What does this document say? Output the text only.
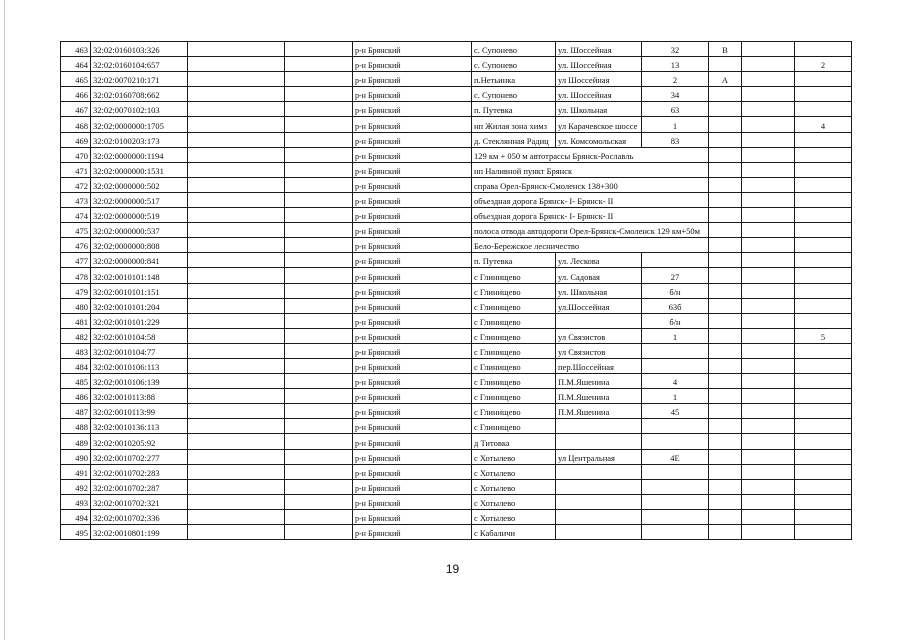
463	32:02:0160103:326			р-н Брянский	с. Супонево	ул. Шоссейная	32	В		
464	32:02:0160104:657			р-н Брянский	с. Супонево	ул. Шоссейная	13			2
465	32:02:0070210:171			р-н Брянский	п.Нетьинка	ул Шоссейная	2	А		
466	32:02:0160708:662			р-н Брянский	с. Супонево	ул. Шоссейная	34			
467	32:02:0070102:103			р-н Брянский	п. Путевка	ул. Школьная	63			
468	32:02:0000000:1705			р-н Брянский	нп Жилая зона химз	ул Карачевское шоссе	1			4
469	32:02:0100203:173			р-н Брянский	д. Стеклянная Радиц	ул. Комсомольская	83			
470	32:02:0000000:1194			р-н Брянский	129 км + 050 м автотрассы Брянск-Рославль					
471	32:02:0000000:1531			р-н Брянский	нп Нaливной пункт Брянск					
472	32:02:0000000:502			р-н Брянский	справа Орел-Брянск-Смоленск 138+300					
473	32:02:0000000:517			р-н Брянский	объездная дорога Брянск- I- Брянск- II					
474	32:02:0000000:519			р-н Брянский	объездная дорога Брянск- I- Брянск- II					
475	32:02:0000000:537			р-н Брянский	полоса отвода автодороги Орел-Брянск-Смоленск 129 км+50м					
476	32:02:0000000:808			р-н Брянский	Бело-Бережское лесничество					
477	32:02:0000000:841			р-н Брянский	п. Путевка	ул. Лескова				
478	32:02:0010101:148			р-н Брянский	с Глинищево	ул. Садовая	27			
479	32:02:0010101:151			р-н Брянский	с Глинищево	ул. Школьная	б/н			
480	32:02:0010101:204			р-н Брянский	с Глинищево	ул.Шоссейная	63б			
481	32:02:0010101:229			р-н Брянский	с Глинищево		б/н			
482	32:02:0010104:58			р-н Брянский	с Глинищево	ул Связистов	1			5
483	32:02:0010104:77			р-н Брянский	с Глинищево	ул Связистов				
484	32:02:0010106:113			р-н Брянский	с Глинищево	пер.Шоссейная				
485	32:02:0010106:139			р-н Брянский	с Глинищево	П.М.Яшенина	4			
486	32:02:0010113:88			р-н Брянский	с Глинищево	П.М.Яшенина	1			
487	32:02:0010113:99			р-н Брянский	с Глинищево	П.М.Яшенина	45			
488	32:02:0010136:113			р-н Брянский	с Глинищево					
489	32:02:0010205:92			р-н Брянский	д Титовка					
490	32:02:0010702:277			р-н Брянский	с Хотылево	ул Центральная	4Е			
491	32:02:0010702:283			р-н Брянский	с Хотылево					
492	32:02:0010702:287			р-н Брянский	с Хотылево					
493	32:02:0010702:321			р-н Брянский	с Хотылево					
494	32:02:0010702:336			р-н Брянский	с Хотылево					
495	32:02:0010801:199			р-н Брянский	с Кабаличи					
19
